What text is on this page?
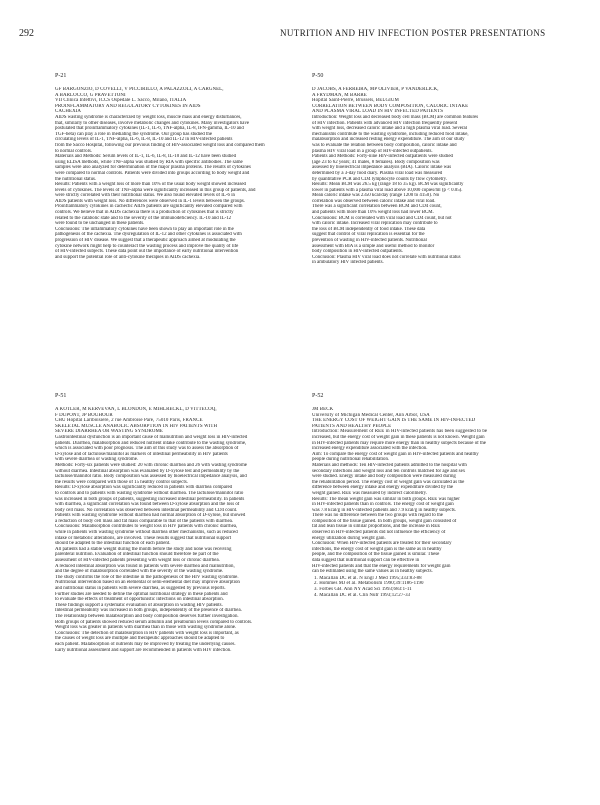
292	NUTRITION AND HIV INFECTION POSTER PRESENTATIONS
P-21
GF BARGONZIO, D COVELLI, V PICCIRILLO, A PALAZZOLI, A CARGNEL,
A BARLOCCO, G PRAVETTONI
VII Clinica Infettivi, ICCS Ospedale L. Sacco, Milano, ITALIA
PROINFLAMMATORY AND REGULATORY CYTOKINES IN AIDS
CACHEXIA
AIDS wasting syndrome is characterized by weight loss, muscle mass and energy disturbances,
that, similarly to other diseases, involve metabolic changes and cytokines. Many investigators have
postulated that proinflammatory cytokines (IL-1, IL-6, TNF-alpha, IL-8, IFN-gamma, IL-10 and
TGF-beta) can play a role in mediating the syndrome. Our group has studied the
circulating levels of IL-1, TNF-alpha, IL-6, IL-8, IL-10 and IL-12 in HIV-infected patients
from the Sacco Hospital, following our previous finding of HIV-associated weight loss and compared them
to normal controls.
Materials and Methods: Serum levels of IL-1, IL-6, IL-8, IL-10 and IL-12 have been studied
using ELISA methods, while TNF-alpha was studied by RIA with specific antibodies. The same
samples were also analyzed for determination of the major plasma proteins. The results of cytokines
were compared to normal controls. Patients were divided into groups according to body weight and
the nutritional status.
Results: Patients with a weight loss of more than 10% of the usual body weight showed increased
levels of cytokines. The levels of TNF-alpha were significantly increased in this group of patients, and
were strictly correlated with their nutritional status. We also found elevated levels of IL-6 in
AIDS patients with weight loss. No differences were observed in IL-1 levels between the groups.
Proinflammatory cytokines in cachectic AIDS patients are significantly elevated compared with
controls. We believe that in AIDS cachexia there is a production of cytokines that is strictly
related to the catabolic state and to the severity of the immunodeficiency. IL-10 and IL-12
were found to be unchanged in these patients.
Conclusions: The inflammatory cytokines have been shown to play an important role in the
pathogenesis of the cachexia. The dysregulation of IL-12 and other cytokines is associated with
progression of HIV disease. We suggest that a therapeutic approach aimed at modulating the
cytokine network might help to counteract the wasting process and improve the quality of life
of HIV-infected subjects. These data point out the importance of early nutritional intervention
and support the potential role of anti-cytokine therapies in AIDS cachexia.
P-51
A KOTLER, M KERVEVAN, L BLONDON, E MIHLRECKL, D VITTECOQ,
F DUPONT, JP BOUHOUR
CHU Hopital Lariboisiere, 2 rue Ambroise Pare, 75010 Paris, FRANCE
SKELETAL MUSCLE ANABOLIC ABSORPTION IN HIV PATIENTS WITH
SEVERE DIARRHEA OR WASTING SYNDROME
Gastrointestinal dysfunction is an important cause of malnutrition and weight loss in HIV-infected
patients. Diarrhea, malabsorption and reduced nutrient intake contribute to the wasting syndrome,
which is associated with poor prognosis. The aim of this study was to assess the absorption of
D-xylose and of lactulose/mannitol as markers of intestinal permeability in HIV patients
with severe diarrhea or wasting syndrome.
Methods: Forty-six patients were studied: 20 with chronic diarrhea and 26 with wasting syndrome
without diarrhea. Intestinal absorption was evaluated by D-xylose test and permeability by the
lactulose/mannitol ratio. Body composition was assessed by bioelectrical impedance analysis, and
the results were compared with those of 15 healthy control subjects.
Results: D-xylose absorption was significantly reduced in patients with diarrhea compared
to controls and to patients with wasting syndrome without diarrhea. The lactulose/mannitol ratio
was increased in both groups of patients, suggesting increased intestinal permeability. In patients
with diarrhea, a significant correlation was found between D-xylose absorption and the loss of
body cell mass. No correlation was observed between intestinal permeability and CD4 count.
Patients with wasting syndrome without diarrhea had normal absorption of D-xylose, but showed
a reduction of body cell mass and fat mass comparable to that of the patients with diarrhea.
Conclusions: Malabsorption contributes to weight loss in HIV patients with chronic diarrhea,
while in patients with wasting syndrome without diarrhea other mechanisms, such as reduced
intake or metabolic alterations, are involved. These results suggest that nutritional support
should be adapted to the intestinal function of each patient.
All patients had a stable weight during the month before the study and none was receiving
parenteral nutrition. Evaluation of intestinal function should therefore be part of the
assessment of HIV-infected patients presenting with weight loss or chronic diarrhea.
A reduced intestinal absorption was found in patients with severe diarrhea and malnutrition,
and the degree of malabsorption correlated with the severity of the wasting syndrome.
The study confirms the role of the intestine in the pathogenesis of the HIV wasting syndrome.
Nutritional intervention based on an elemental or semi-elemental diet may improve absorption
and nutritional status in patients with severe diarrhea, as suggested by previous reports.
Further studies are needed to define the optimal nutritional strategy in these patients and
to evaluate the effects of treatment of opportunistic infections on intestinal absorption.
These findings support a systematic evaluation of absorption in wasting HIV patients.
Intestinal permeability was increased in both groups, independently of the presence of diarrhea.
The relationship between malabsorption and body composition deserves further investigation.
Both groups of patients showed reduced serum albumin and prealbumin levels compared to controls.
Weight loss was greater in patients with diarrhea than in those with wasting syndrome alone.
Conclusions: The detection of malabsorption in HIV patients with weight loss is important, as
the causes of weight loss are multiple and therapeutic approaches should be adapted to
each patient. Malabsorption of nutrients may be improved by treating the underlying causes.
Early nutritional assessment and support are recommended in patients with HIV infection.
P-50
D JACOBS, A FERREIRA, MP OLIVIER, P VANDERLICK,
A FRYDMAN, M BARRE
Hopital Saint-Pierre, Brussels, BELGIUM
CORRELATION BETWEEN BODY COMPOSITION, CALORIC INTAKE
AND PLASMA VIRAL LOAD IN HIV INFECTED PATIENTS
Introduction: Weight loss and decreased body cell mass (BCM) are common features
of HIV infection. Patients with advanced HIV infection frequently present
with weight loss, decreased caloric intake and a high plasma viral load. Several
mechanisms contribute to the wasting syndrome, including reduced food intake,
malabsorption and increased resting energy expenditure. The aim of our study
was to evaluate the relation between body composition, caloric intake and
plasma HIV viral load in a group of HIV-infected outpatients.
Patients and Methods: Forty-nine HIV-infected outpatients were studied
(age 23 to 62 years; 41 males, 8 females). Body composition was
assessed by bioelectrical impedance analysis (BIA). Caloric intake was
determined by a 3-day food diary. Plasma viral load was measured
by quantitative PCR and CD4 lymphocyte counts by flow cytometry.
Results: Mean BCM was 26.5 kg (range 18 to 35 kg). BCM was significantly
lower in patients with a plasma viral load above 10,000 copies/ml (p < 0.05).
Mean caloric intake was 2350 kcal/day (range 1200 to 4150). No
correlation was observed between caloric intake and viral load.
There was a significant correlation between BCM and CD4 count,
and patients with more than 10% weight loss had lower BCM.
Conclusions: BCM is correlated with viral load and CD4 count, but not
with caloric intake. Increased viral replication may contribute to
the loss of BCM independently of food intake. These data
suggest that control of viral replication is essential for the
prevention of wasting in HIV-infected patients. Nutritional
assessment with BIA is a simple and useful method to monitor
body composition in HIV-infected outpatients.
Conclusion: Plasma HIV viral load does not correlate with nutritional status
in ambulatory HIV infected patients.
P-52
JM BECK
University of Michigan Medical Center, Ann Arbor, USA
THE ENERGY COST OF WEIGHT GAIN IS THE SAME IN HIV-INFECTED
PATIENTS AND HEALTHY PEOPLE
Introduction: Measurement of REE in HIV-infected patients has been suggested to be
increased, but the energy cost of weight gain in these patients is not known. Weight gain
in HIV-infected patients may require more energy than in healthy subjects because of the
increased energy expenditure associated with the infection.
Aim: To compare the energy cost of weight gain in HIV-infected patients and healthy
people during nutritional rehabilitation.
Materials and methods: Ten HIV-infected patients admitted to the hospital with
secondary infections and weight loss and ten controls matched for age and sex
were studied. Energy intake and body composition were measured during
the rehabilitation period. The energy cost of weight gain was calculated as the
difference between energy intake and energy expenditure divided by the
weight gained. REE was measured by indirect calorimetry.
Results: The mean weight gain was similar in both groups. REE was higher
in HIV-infected patients than in controls. The energy cost of weight gain
was 7.8 kcal/g in HIV-infected patients and 7.9 kcal/g in healthy subjects.
There was no difference between the two groups with regard to the
composition of the tissue gained. In both groups, weight gain consisted of
fat and lean tissue in similar proportions, and the increase in REE
observed in HIV-infected patients did not influence the efficiency of
energy utilization during weight gain.
Conclusion: When HIV-infected patients are treated for their secondary
infections, the energy cost of weight gain is the same as in healthy
people, and the composition of the tissue gained is similar. These
data suggest that nutritional support can be effective in
HIV-infected patients and that the energy requirements for weight gain
can be estimated using the same values as in healthy subjects.
1. Macallan DC et al. N Engl J Med 1995;333:83-88
2. Hommes MJ et al. Metabolism 1990;39:1186-1190
3. Forbes GB. Ann NY Acad Sci 1993;683:1-11
4. Macallan DC et al. Clin Nutr 1993;12:27-33
